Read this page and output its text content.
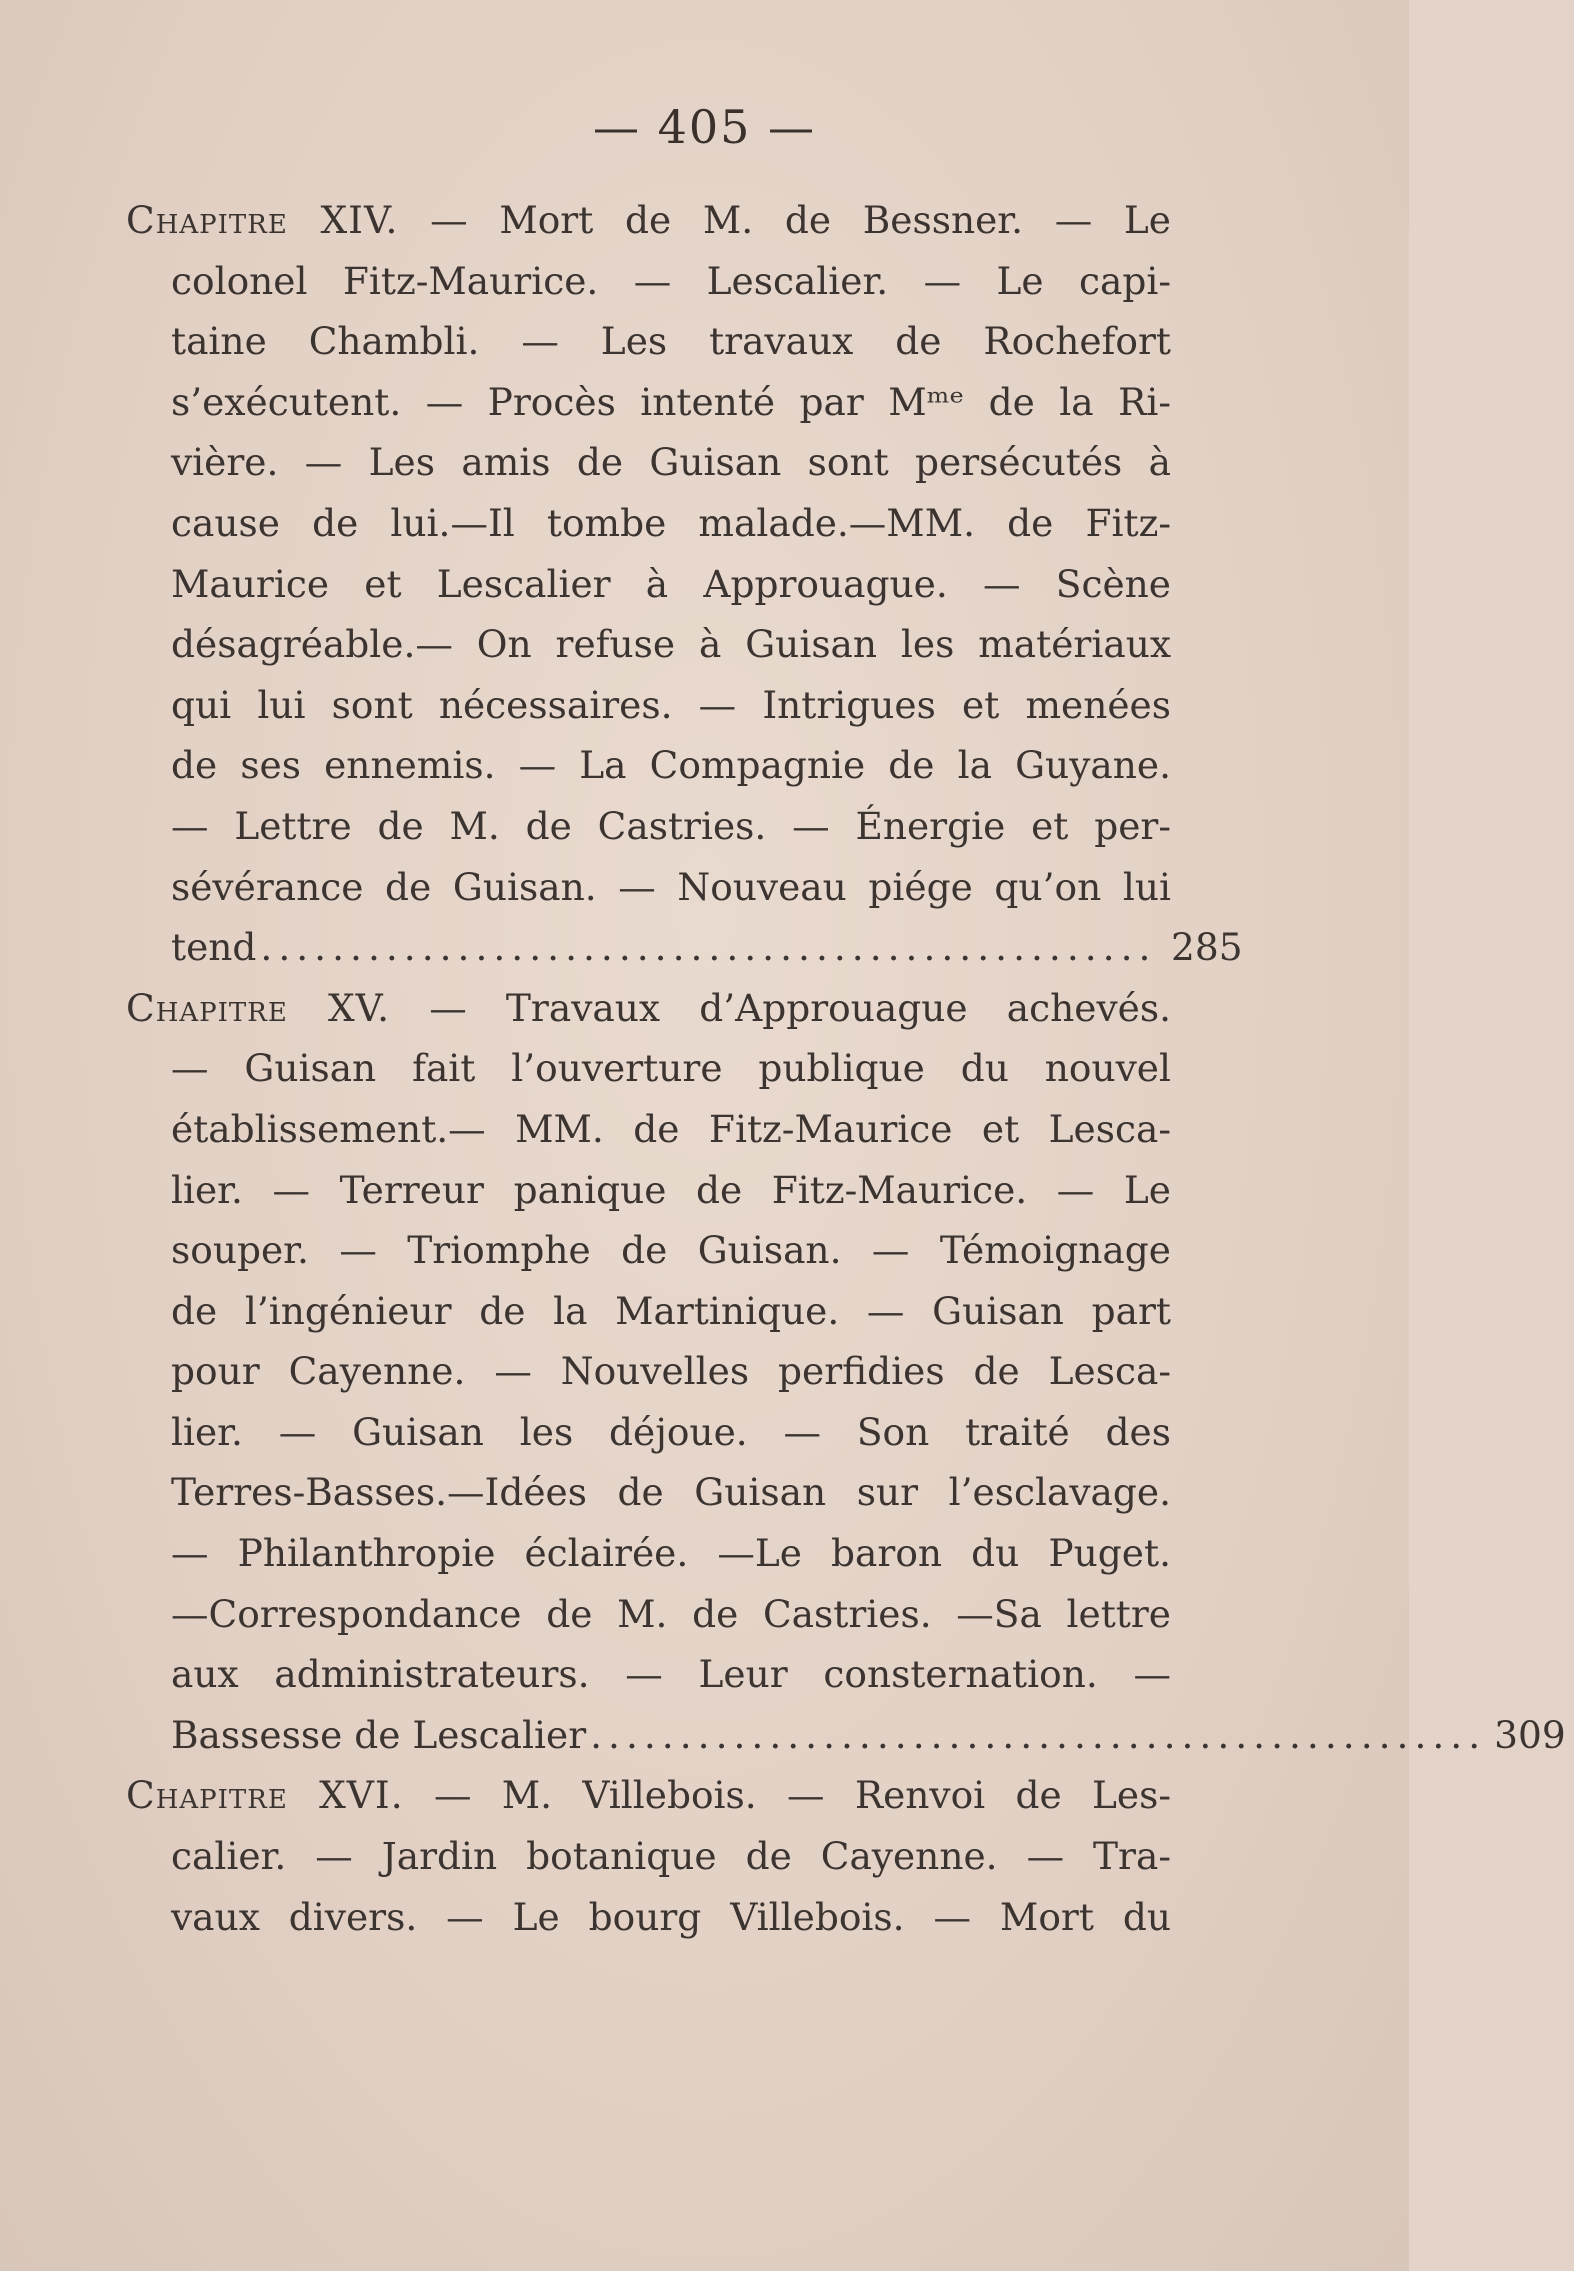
— 405 —
Chapitre XIV. — Mort de M. de Bessner. — Le
colonel Fitz-Maurice. — Lescalier. — Le capi-
taine Chambli. — Les travaux de Rochefort
s’exécutent. — Procès intenté par Mᵐᵉ de la Ri-
vière. — Les amis de Guisan sont persécutés à
cause de lui.—Il tombe malade.—MM. de Fitz-
Maurice et Lescalier à Approuague. — Scène
désagréable.— On refuse à Guisan les matériaux
qui lui sont nécessaires. — Intrigues et menées
de ses ennemis. — La Compagnie de la Guyane.
— Lettre de M. de Castries. — Énergie et per-
sévérance de Guisan. — Nouveau piége qu’on lui
tend .................................................. 285
Chapitre XV. — Travaux d’Approuague achevés.
— Guisan fait l’ouverture publique du nouvel
établissement.— MM. de Fitz-Maurice et Lesca-
lier. — Terreur panique de Fitz-Maurice. — Le
souper. — Triomphe de Guisan. — Témoignage
de l’ingénieur de la Martinique. — Guisan part
pour Cayenne. — Nouvelles perfidies de Lesca-
lier. — Guisan les déjoue. — Son traité des
Terres-Basses.—Idées de Guisan sur l’esclavage.
— Philanthropie éclairée. —Le baron du Puget.
—Correspondance de M. de Castries. —Sa lettre
aux administrateurs. — Leur consternation. —
Bassesse de Lescalier .................................................. 309
Chapitre XVI. — M. Villebois. — Renvoi de Les-
calier. — Jardin botanique de Cayenne. — Tra-
vaux divers. — Le bourg Villebois. — Mort du
